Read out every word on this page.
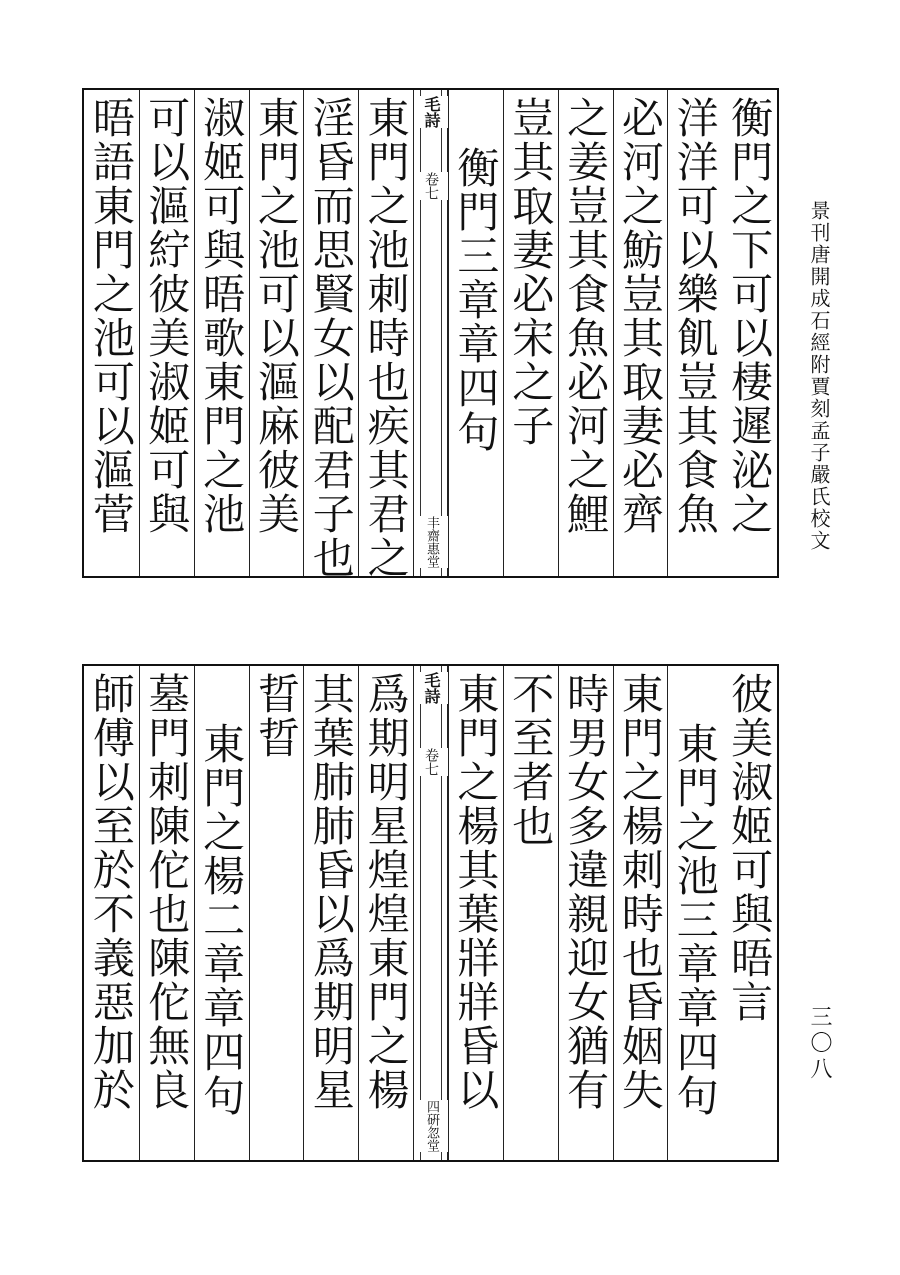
景刊唐開成石經附賈刻孟子嚴氏校文
三〇八
衡門之下可以棲遲泌之
洋洋可以樂飢豈其食魚
必河之魴豈其取妻必齊
之姜豈其食魚必河之鯉
豈其取妻必宋之子
毛詩
卷七
丰齋惠堂
衡門三章章四句
東門之池刺時也疾其君之
淫昏而思賢女以配君子也
東門之池可以漚麻彼美
淑姬可與晤歌東門之池
可以漚紵彼美淑姬可與
晤語東門之池可以漚菅
彼美淑姬可與晤言
東門之池三章章四句
東門之楊刺時也昏姻失
時男女多違親迎女猶有
不至者也
毛詩
卷七
四硏忽堂
東門之楊其葉牂牂昏以
爲期明星煌煌東門之楊
其葉肺肺昏以爲期明星
晢晢
東門之楊二章章四句
墓門刺陳佗也陳佗無良
師傅以至於不義惡加於
